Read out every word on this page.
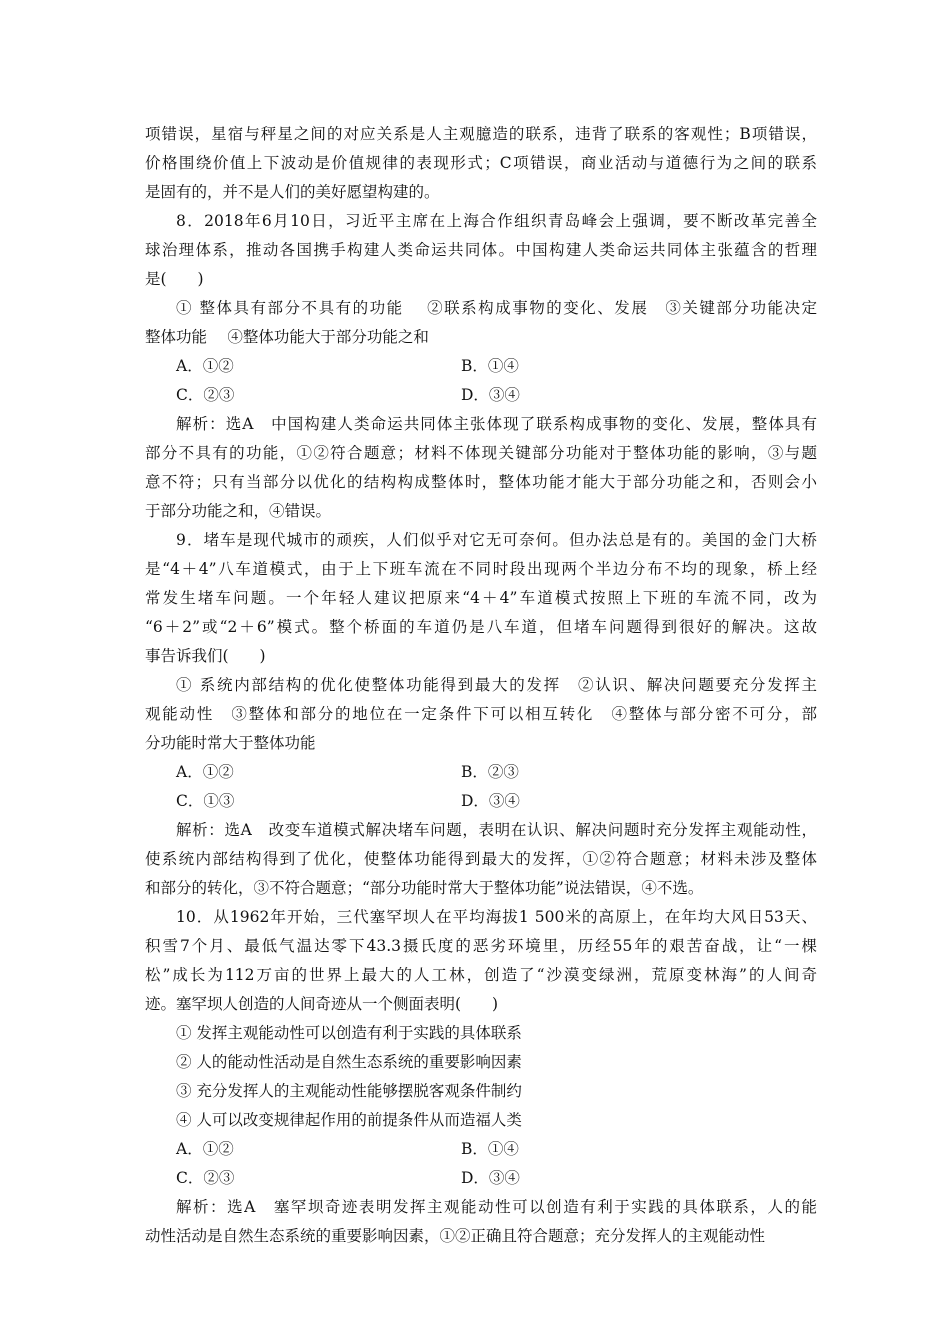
项错误，星宿与秤星之间的对应关系是人主观臆造的联系，违背了联系的客观性；B项错误，
价格围绕价值上下波动是价值规律的表现形式；C项错误，商业活动与道德行为之间的联系
是固有的，并不是人们的美好愿望构建的。
8．2018年6月10日，习近平主席在上海合作组织青岛峰会上强调，要不断改革完善全
球治理体系，推动各国携手构建人类命运共同体。中国构建人类命运共同体主张蕴含的哲理
是(　　)
① 整体具有部分不具有的功能　 ②联系构成事物的变化、发展　③关键部分功能决定
整体功能　 ④整体功能大于部分功能之和
A．①②	B．①④
C．②③	D．③④
解析：选A　中国构建人类命运共同体主张体现了联系构成事物的变化、发展，整体具有
部分不具有的功能，①②符合题意；材料不体现关键部分功能对于整体功能的影响，③与题
意不符；只有当部分以优化的结构构成整体时，整体功能才能大于部分功能之和，否则会小
于部分功能之和，④错误。
9．堵车是现代城市的顽疾，人们似乎对它无可奈何。但办法总是有的。美国的金门大桥
是“4＋4”八车道模式，由于上下班车流在不同时段出现两个半边分布不均的现象，桥上经
常发生堵车问题。一个年轻人建议把原来“4＋4”车道模式按照上下班的车流不同，改为
“6＋2”或“2＋6”模式。整个桥面的车道仍是八车道，但堵车问题得到很好的解决。这故
事告诉我们(　　)
① 系统内部结构的优化使整体功能得到最大的发挥　②认识、解决问题要充分发挥主
观能动性　③整体和部分的地位在一定条件下可以相互转化　④整体与部分密不可分，部
分功能时常大于整体功能
A．①②	B．②③
C．①③	D．③④
解析：选A　改变车道模式解决堵车问题，表明在认识、解决问题时充分发挥主观能动性，
使系统内部结构得到了优化，使整体功能得到最大的发挥，①②符合题意；材料未涉及整体
和部分的转化，③不符合题意；“部分功能时常大于整体功能”说法错误，④不选。
10．从1962年开始，三代塞罕坝人在平均海拔1 500米的高原上，在年均大风日53天、
积雪7个月、最低气温达零下43.3摄氏度的恶劣环境里，历经55年的艰苦奋战，让“一棵
松”成长为112万亩的世界上最大的人工林，创造了“沙漠变绿洲，荒原变林海”的人间奇
迹。塞罕坝人创造的人间奇迹从一个侧面表明(　　)
① 发挥主观能动性可以创造有利于实践的具体联系
② 人的能动性活动是自然生态系统的重要影响因素
③ 充分发挥人的主观能动性能够摆脱客观条件制约
④ 人可以改变规律起作用的前提条件从而造福人类
A．①②	B．①④
C．②③	D．③④
解析：选A　塞罕坝奇迹表明发挥主观能动性可以创造有利于实践的具体联系，人的能
动性活动是自然生态系统的重要影响因素，①②正确且符合题意；充分发挥人的主观能动性
